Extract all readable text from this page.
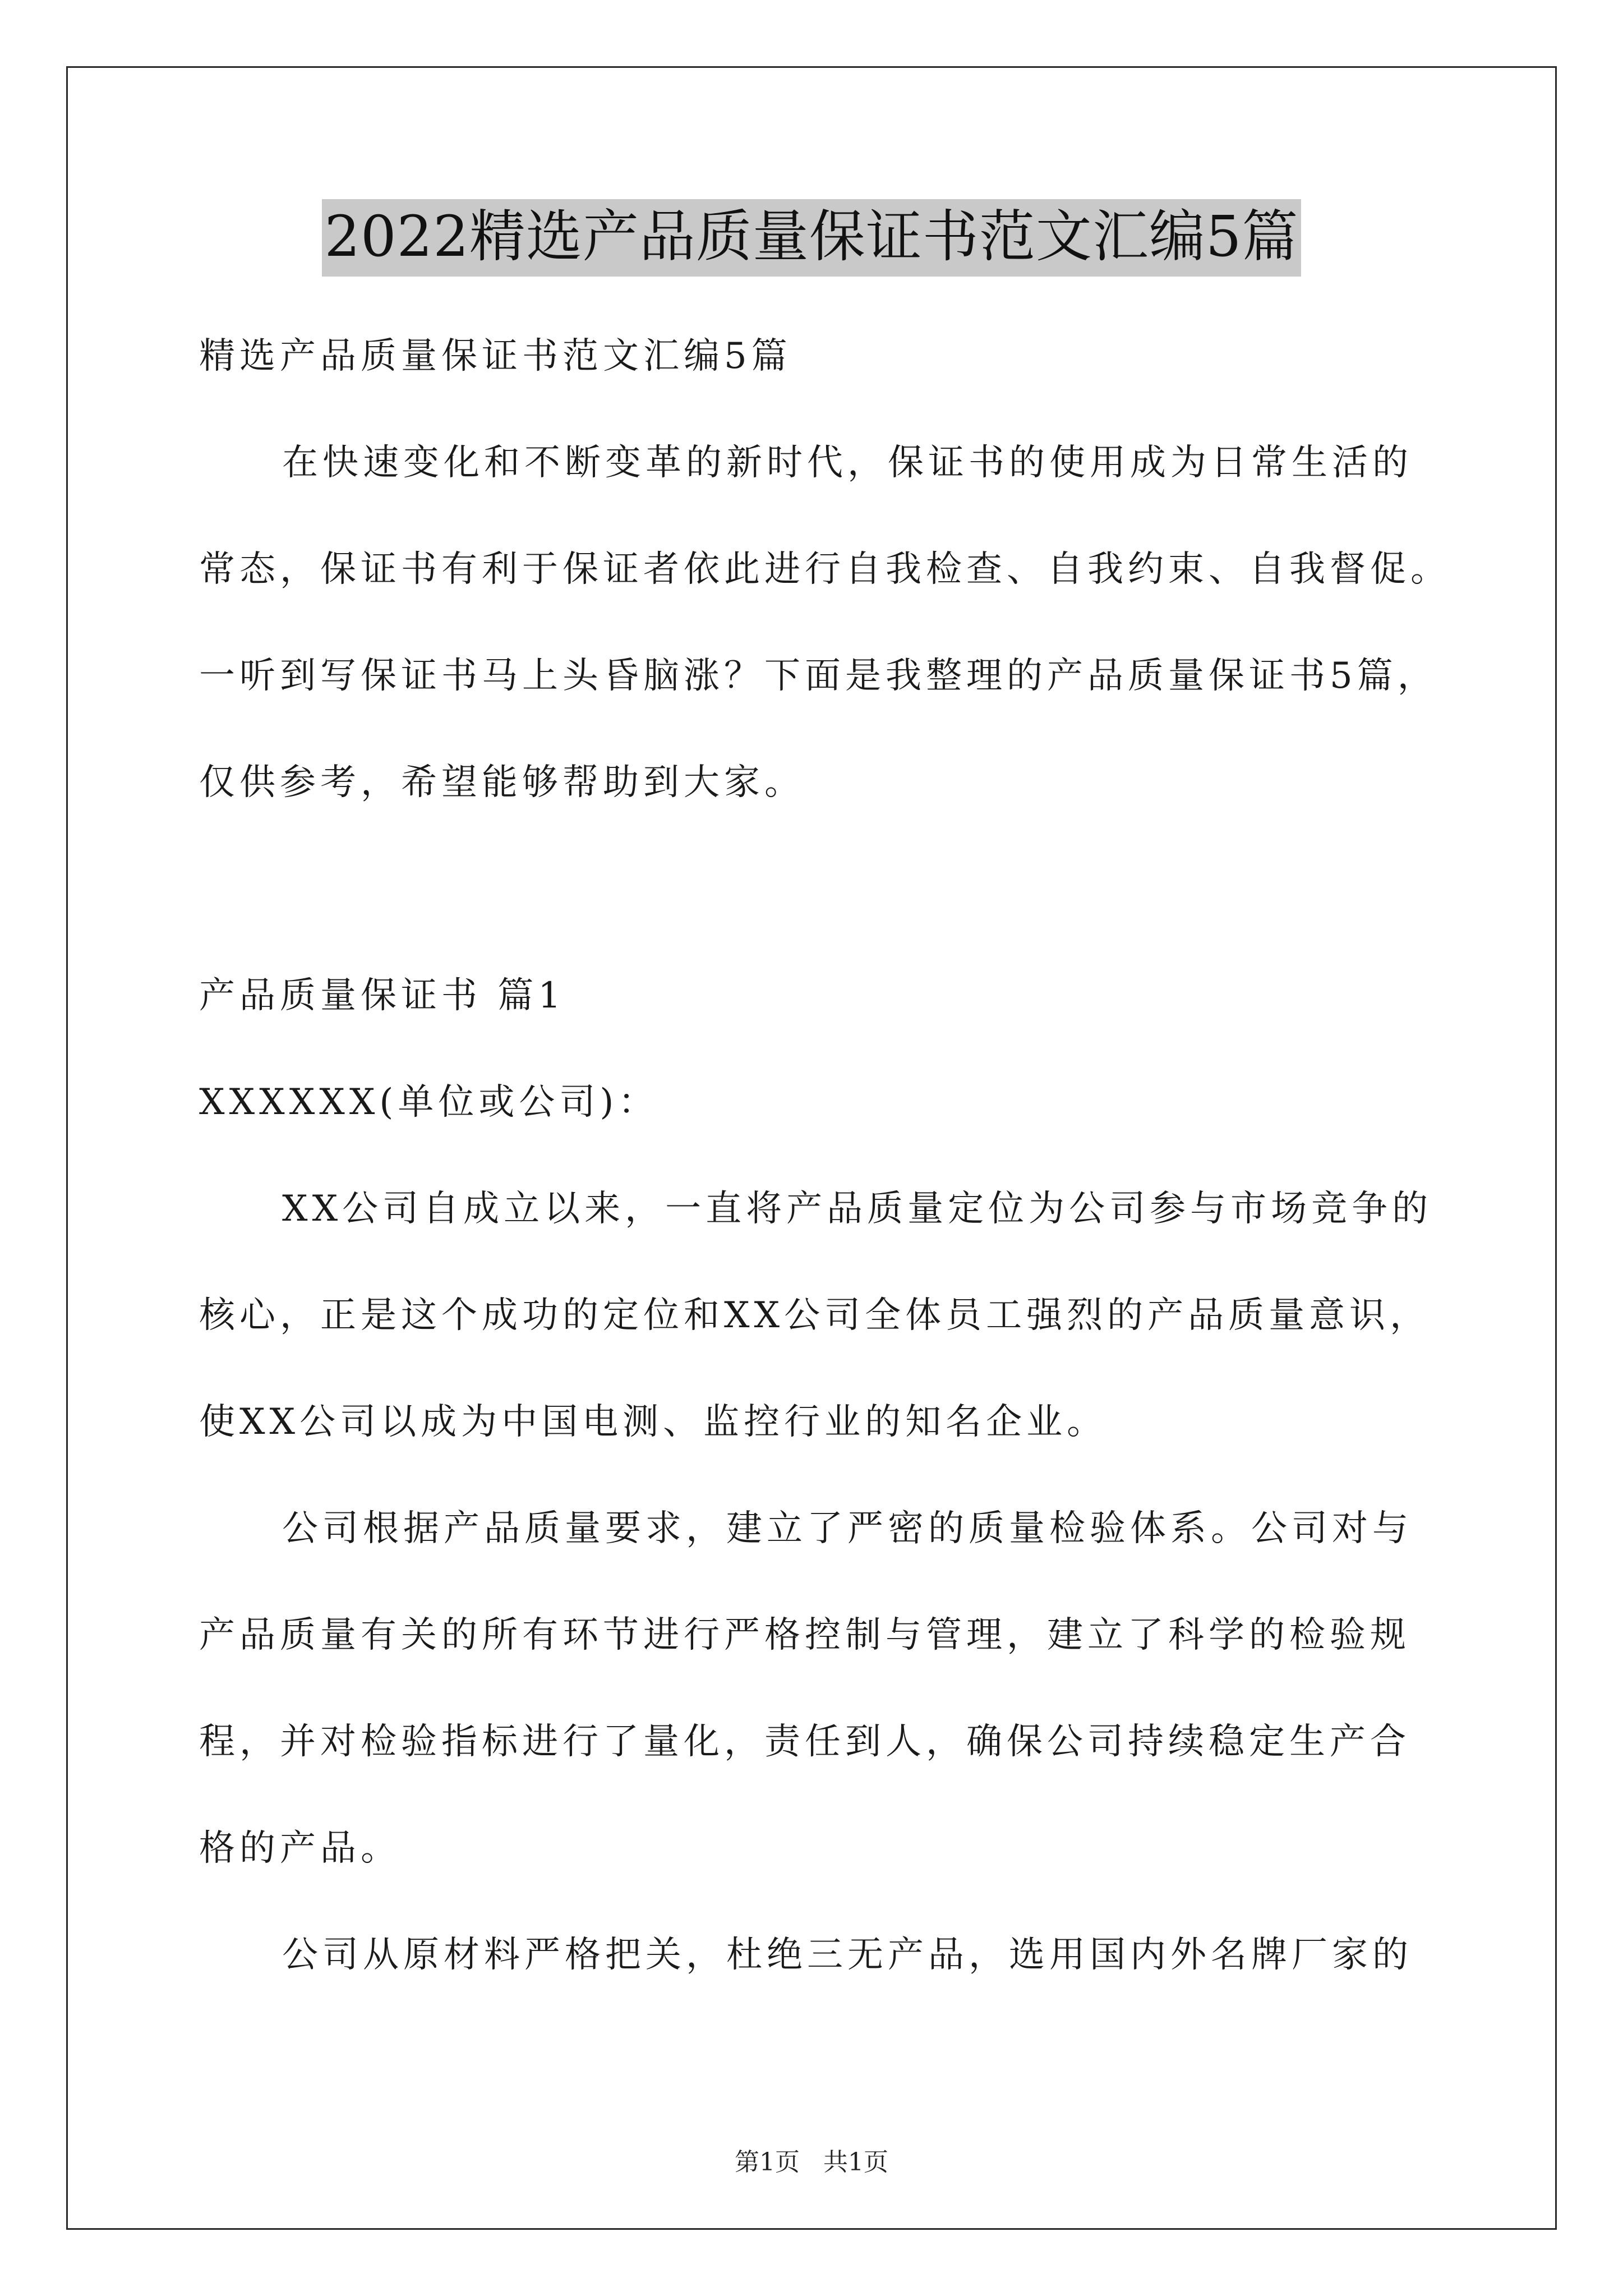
2022精选产品质量保证书范文汇编5篇
精选产品质量保证书范文汇编5篇
在快速变化和不断变革的新时代，保证书的使用成为日常生活的
常态，保证书有利于保证者依此进行自我检查、自我约束、自我督促。
一听到写保证书马上头昏脑涨？下面是我整理的产品质量保证书5篇，
仅供参考，希望能够帮助到大家。
产品质量保证书 篇1
XXXXXX(单位或公司)：
XX公司自成立以来，一直将产品质量定位为公司参与市场竞争的
核心，正是这个成功的定位和XX公司全体员工强烈的产品质量意识，
使XX公司以成为中国电测、监控行业的知名企业。
公司根据产品质量要求，建立了严密的质量检验体系。公司对与
产品质量有关的所有环节进行严格控制与管理，建立了科学的检验规
程，并对检验指标进行了量化，责任到人，确保公司持续稳定生产合
格的产品。
公司从原材料严格把关，杜绝三无产品，选用国内外名牌厂家的
第1页 共1页
